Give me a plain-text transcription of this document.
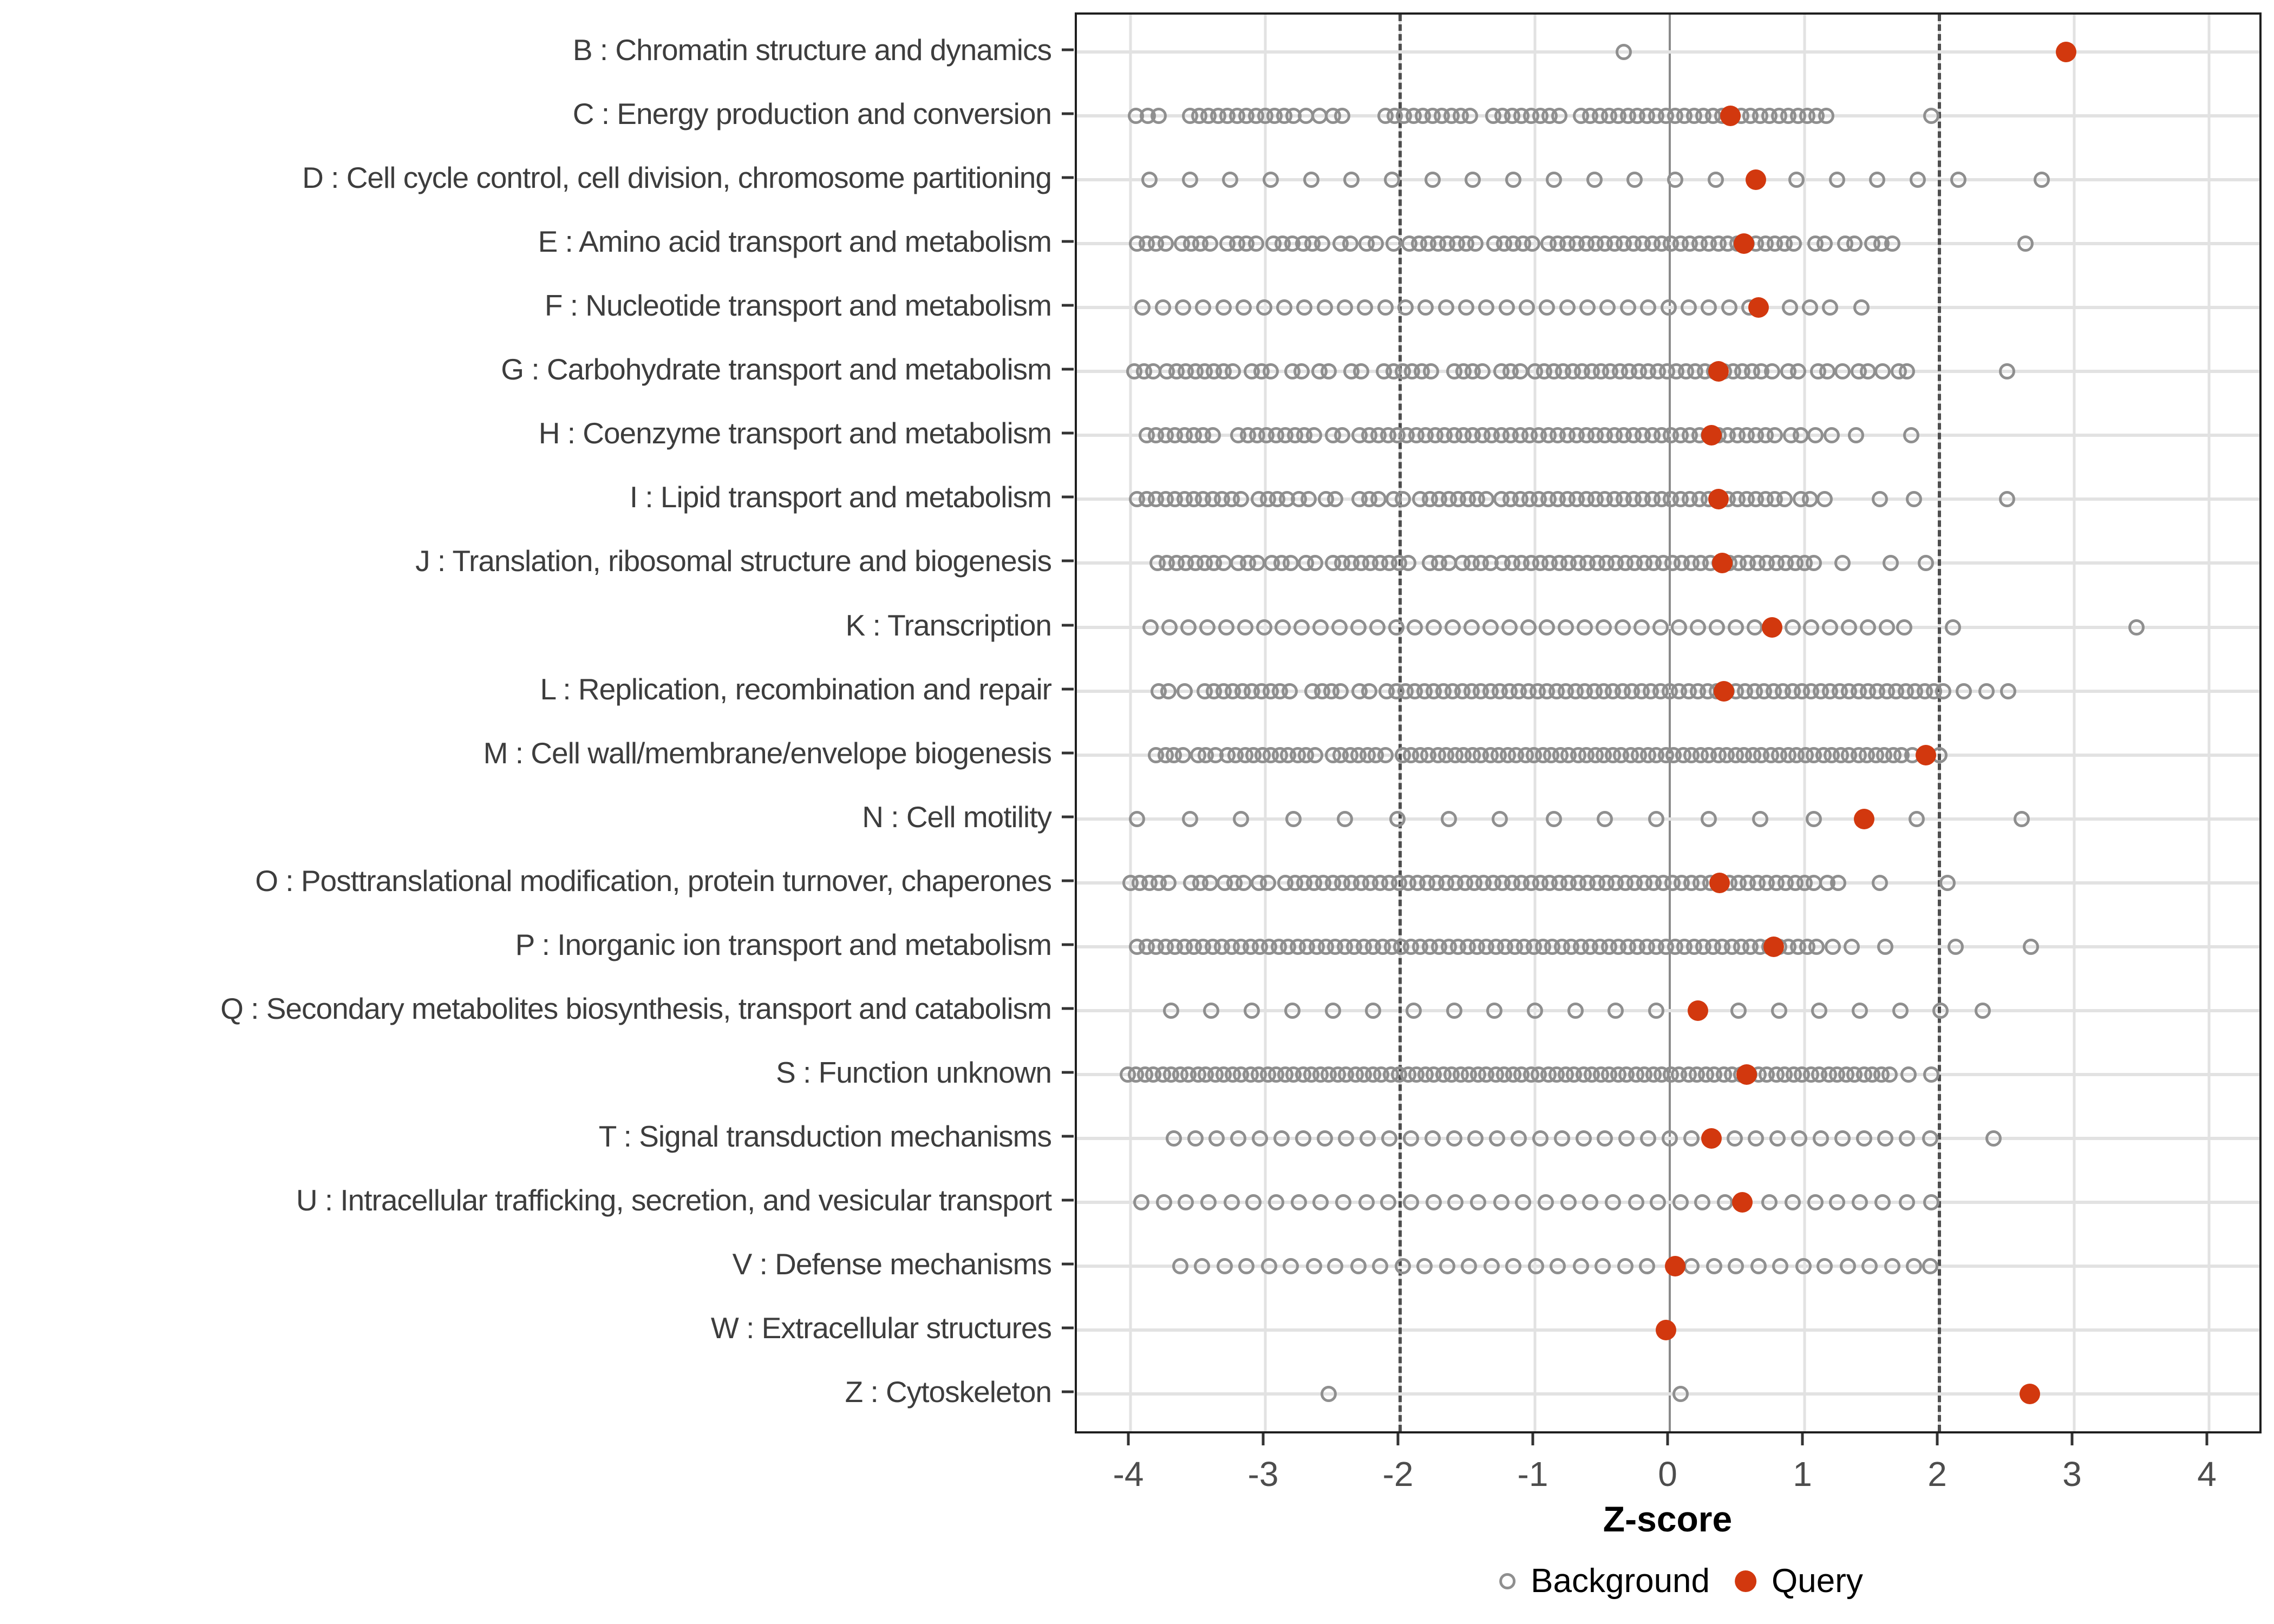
Z-score
Background Query
-4	-3	-2	-1	0	1	2	3	4
B : Chromatin structure and dynamics
C : Energy production and conversion
D : Cell cycle control, cell division, chromosome partitioning
E : Amino acid transport and metabolism
F : Nucleotide transport and metabolism
G : Carbohydrate transport and metabolism
H : Coenzyme transport and metabolism
I : Lipid transport and metabolism
J : Translation, ribosomal structure and biogenesis
K : Transcription
L : Replication, recombination and repair
M : Cell wall/membrane/envelope biogenesis
N : Cell motility
O : Posttranslational modification, protein turnover, chaperones
P : Inorganic ion transport and metabolism
Q : Secondary metabolites biosynthesis, transport and catabolism
S : Function unknown
T : Signal transduction mechanisms
U : Intracellular trafficking, secretion, and vesicular transport
V : Defense mechanisms
W : Extracellular structures
Z : Cytoskeleton
